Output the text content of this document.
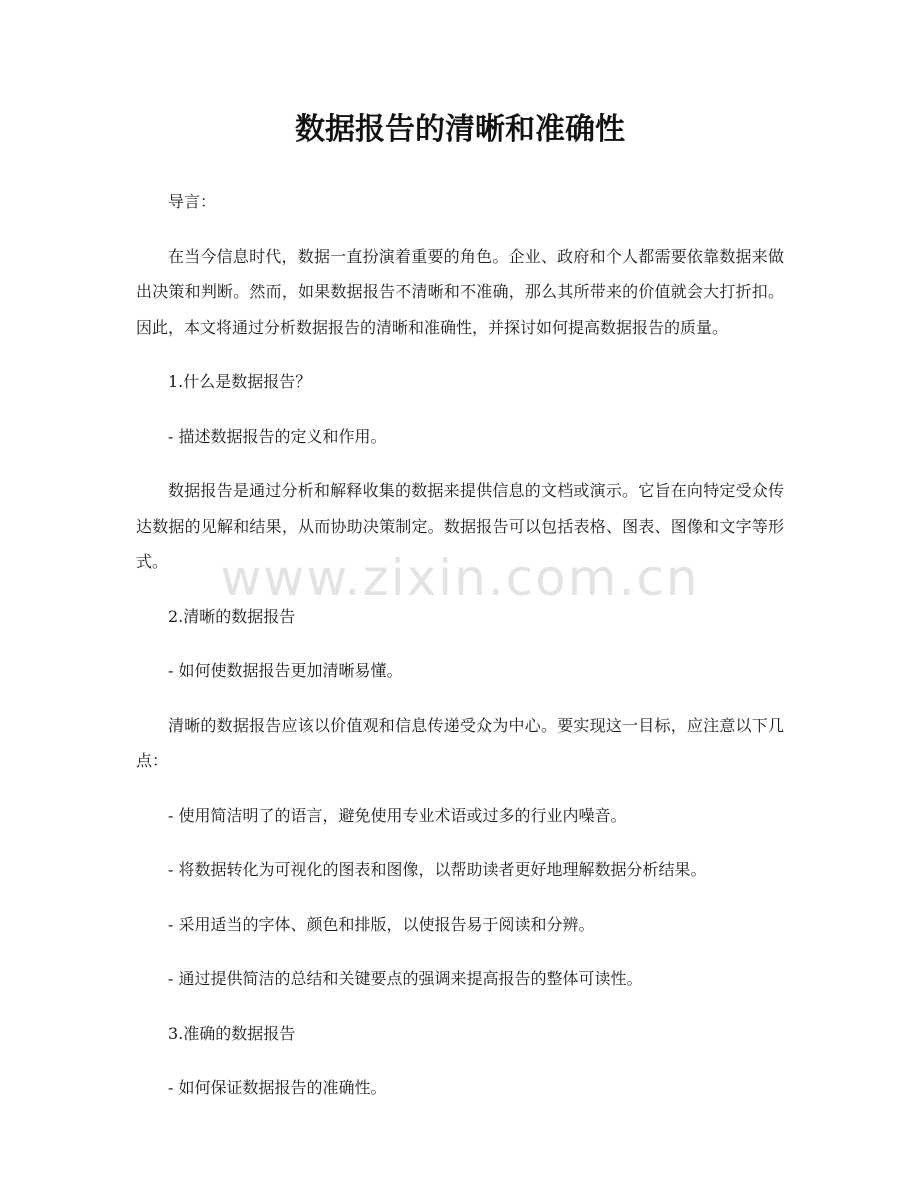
数据报告的清晰和准确性

导言：

在当今信息时代，数据一直扮演着重要的角色。企业、政府和个人都需要依靠数据来做出决策和判断。然而，如果数据报告不清晰和不准确，那么其所带来的价值就会大打折扣。因此，本文将通过分析数据报告的清晰和准确性，并探讨如何提高数据报告的质量。

1.什么是数据报告？

- 描述数据报告的定义和作用。

数据报告是通过分析和解释收集的数据来提供信息的文档或演示。它旨在向特定受众传达数据的见解和结果，从而协助决策制定。数据报告可以包括表格、图表、图像和文字等形式。

2.清晰的数据报告

- 如何使数据报告更加清晰易懂。

清晰的数据报告应该以价值观和信息传递受众为中心。要实现这一目标，应注意以下几点：

- 使用简洁明了的语言，避免使用专业术语或过多的行业内噪音。

- 将数据转化为可视化的图表和图像，以帮助读者更好地理解数据分析结果。

- 采用适当的字体、颜色和排版，以使报告易于阅读和分辨。

- 通过提供简洁的总结和关键要点的强调来提高报告的整体可读性。

3.准确的数据报告

- 如何保证数据报告的准确性。

www.zixin.com.cn
